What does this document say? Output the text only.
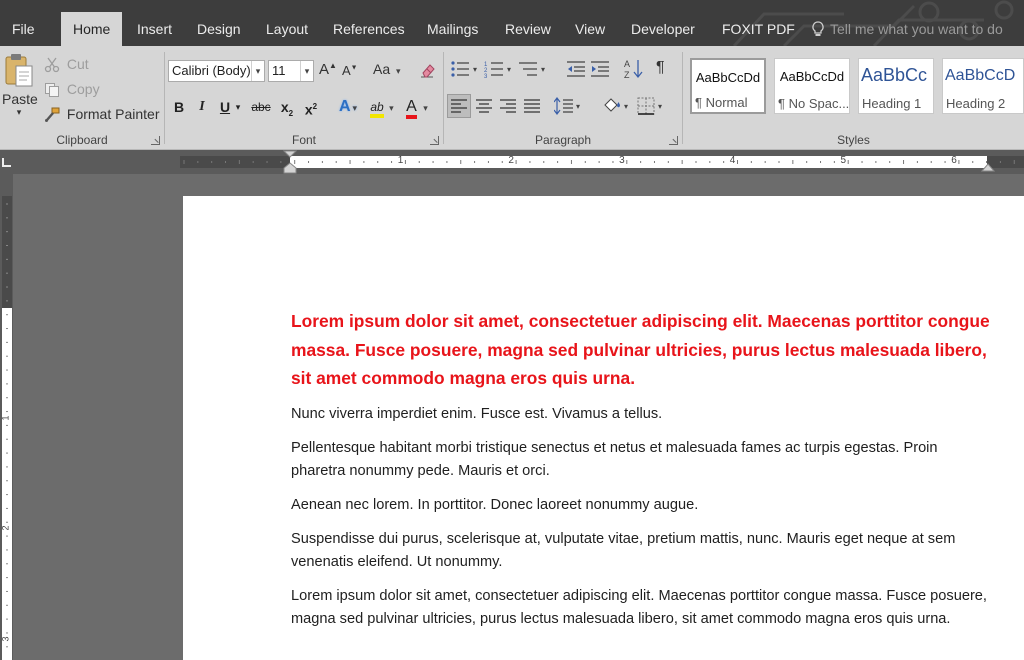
File	Home	Insert	Design	Layout	References	Mailings	Review	View	Developer	FOXIT PDF	Tell me what you want to do
Paste
▾
Cut
Copy
Format Painter
Clipboard
Calibri (Body) ▾ 11	▾ A▲ A▼ Aa ▾
B	I	U ▾ abc $x_2$ $x^2$ A ▾	ab ▾	A ▾
Font
▾ 1
2
3
▾	▾
A
Z ¶
▾	▾	▾
Paragraph
AaBbCcDd
¶ Normal
AaBbCcDd
¶ No Spac...
AaBbCc
Heading 1
AaBbCcD
Heading 2
Styles
1	2	3	4	5	6
1
2
3

Lorem ipsum dolor sit amet, consectetuer adipiscing elit. Maecenas porttitor congue massa. Fusce posuere, magna sed pulvinar ultricies, purus lectus malesuada libero, sit amet commodo magna eros quis urna.

Nunc viverra imperdiet enim. Fusce est. Vivamus a tellus.

Pellentesque habitant morbi tristique senectus et netus et malesuada fames ac turpis egestas. Proin pharetra nonummy pede. Mauris et orci.

Aenean nec lorem. In porttitor. Donec laoreet nonummy augue.

Suspendisse dui purus, scelerisque at, vulputate vitae, pretium mattis, nunc. Mauris eget neque at sem venenatis eleifend. Ut nonummy.

Lorem ipsum dolor sit amet, consectetuer adipiscing elit. Maecenas porttitor congue massa. Fusce posuere, magna sed pulvinar ultricies, purus lectus malesuada libero, sit amet commodo magna eros quis urna.
